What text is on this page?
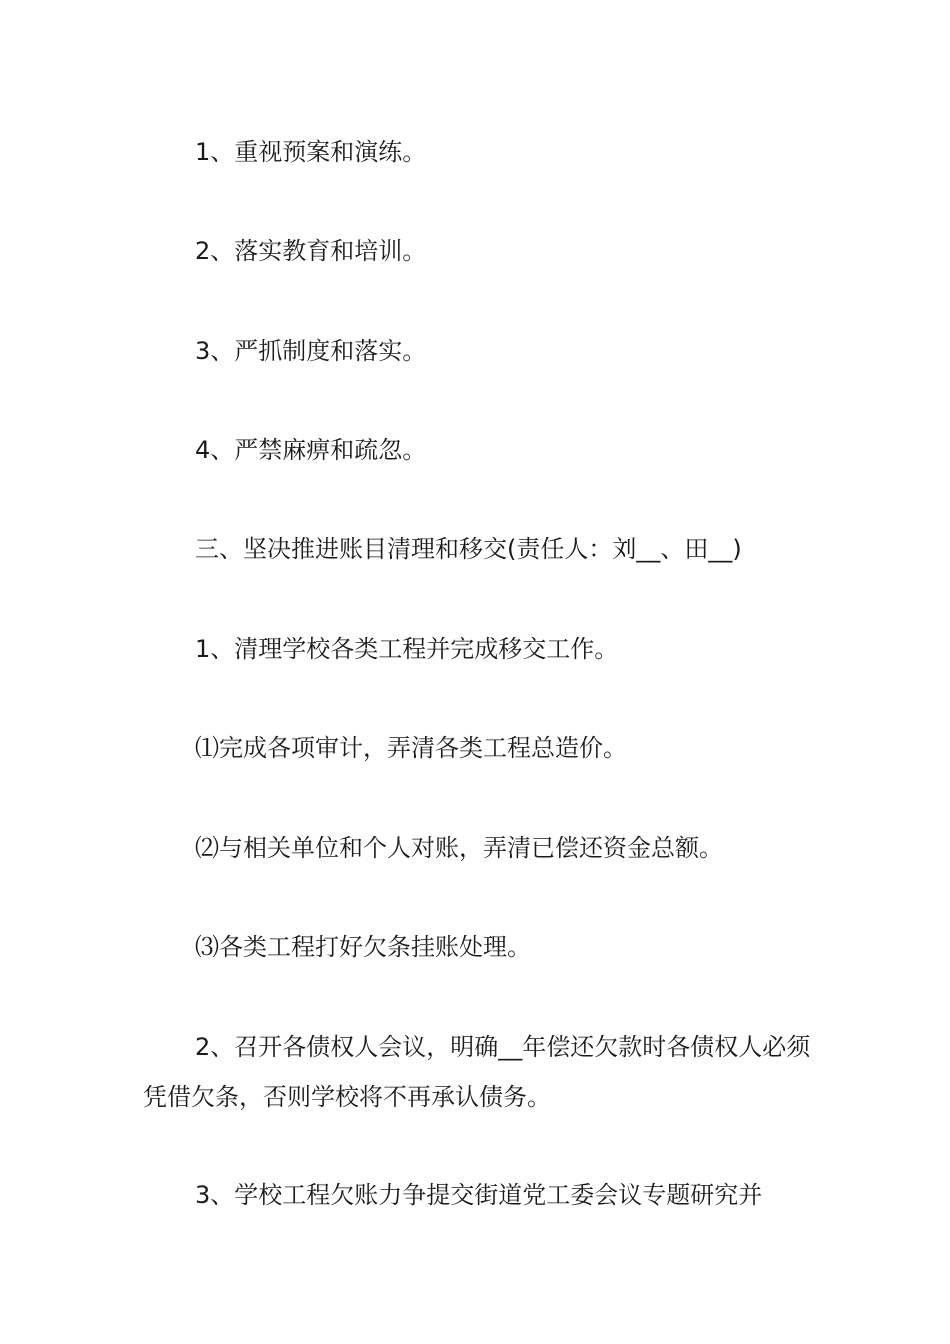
1、重视预案和演练。

2、落实教育和培训。

3、严抓制度和落实。

4、严禁麻痹和疏忽。

三、坚决推进账目清理和移交(责任人：刘__、田__)

1、清理学校各类工程并完成移交工作。

⑴完成各项审计，弄清各类工程总造价。

⑵与相关单位和个人对账，弄清已偿还资金总额。

⑶各类工程打好欠条挂账处理。

2、召开各债权人会议，明确__年偿还欠款时各债权人必须凭借欠条，否则学校将不再承认债务。

3、学校工程欠账力争提交街道党工委会议专题研究并
